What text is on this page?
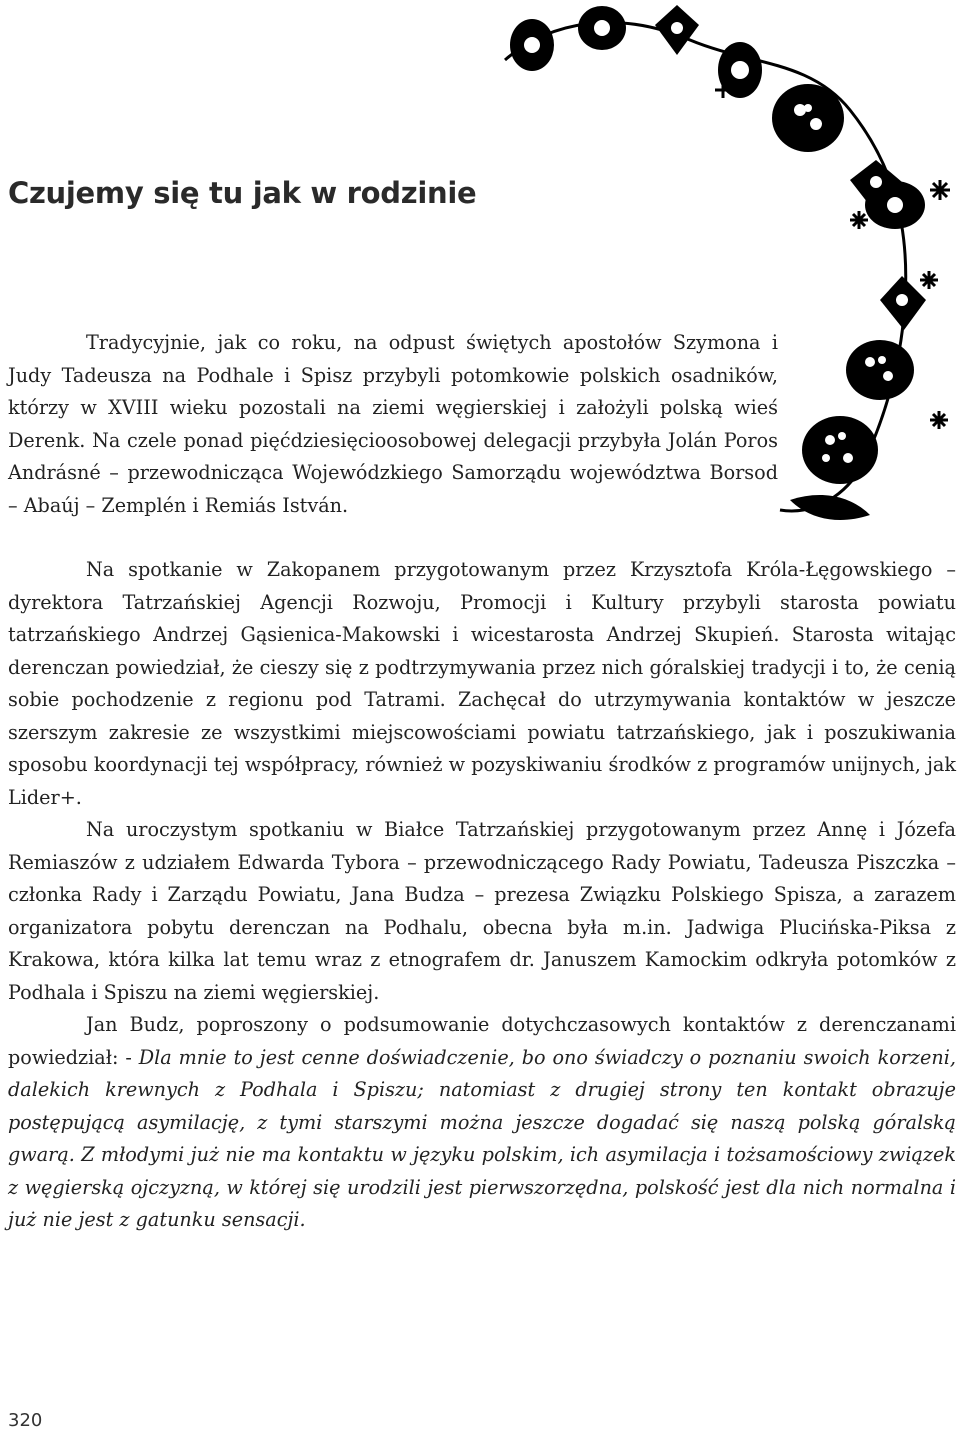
Czujemy się tu jak w rodzinie

Tradycyjnie, jak co roku, na odpust świętych apostołów Szymona i Judy Tadeusza na Podhale i Spisz przybyli potomkowie polskich osadników, którzy w XVIII wieku pozostali na ziemi węgierskiej i założyli polską wieś Derenk. Na czele ponad pięćdziesięcioosobowej delegacji przybyła Jolán Poros Andrásné – przewodnicząca Wojewódzkiego Samorządu województwa Borsod – Abaúj – Zemplén i Remiás István.

Na spotkanie w Zakopanem przygotowanym przez Krzysztofa Króla-Łęgowskiego – dyrektora Tatrzańskiej Agencji Rozwoju, Promocji i Kultury przybyli starosta powiatu tatrzańskiego Andrzej Gąsienica-Makowski i wicestarosta Andrzej Skupień. Starosta witając derenczan powiedział, że cieszy się z podtrzymywania przez nich góralskiej tradycji i to, że cenią sobie pochodzenie z regionu pod Tatrami. Zachęcał do utrzymywania kontaktów w jeszcze szerszym zakresie ze wszystkimi miejscowościami powiatu tatrzańskiego, jak i poszukiwania sposobu koordynacji tej współpracy, również w pozyskiwaniu środków z programów unijnych, jak Lider+.

Na uroczystym spotkaniu w Białce Tatrzańskiej przygotowanym przez Annę i Józefa Remiaszów z udziałem Edwarda Tybora – przewodniczącego Rady Powiatu, Tadeusza Piszczka – członka Rady i Zarządu Powiatu, Jana Budza – prezesa Związku Polskiego Spisza, a zarazem organizatora pobytu derenczan na Podhalu, obecna była m.in. Jadwiga Plucińska-Piksa z Krakowa, która kilka lat temu wraz z etnografem dr. Januszem Kamockim odkryła potomków z Podhala i Spiszu na ziemi węgierskiej.

Jan Budz, poproszony o podsumowanie dotychczasowych kontaktów z derenczanami powiedział: - Dla mnie to jest cenne doświadczenie, bo ono świadczy o poznaniu swoich korzeni, dalekich krewnych z Podhala i Spiszu; natomiast z drugiej strony ten kontakt obrazuje postępującą asymilację, z tymi starszymi można jeszcze dogadać się naszą polską góralską gwarą. Z młodymi już nie ma kontaktu w języku polskim, ich asymilacja i tożsamościowy związek z węgierską ojczyzną, w której się urodzili jest pierwszorzędna, polskość jest dla nich normalna i już nie jest z gatunku sensacji.

320
